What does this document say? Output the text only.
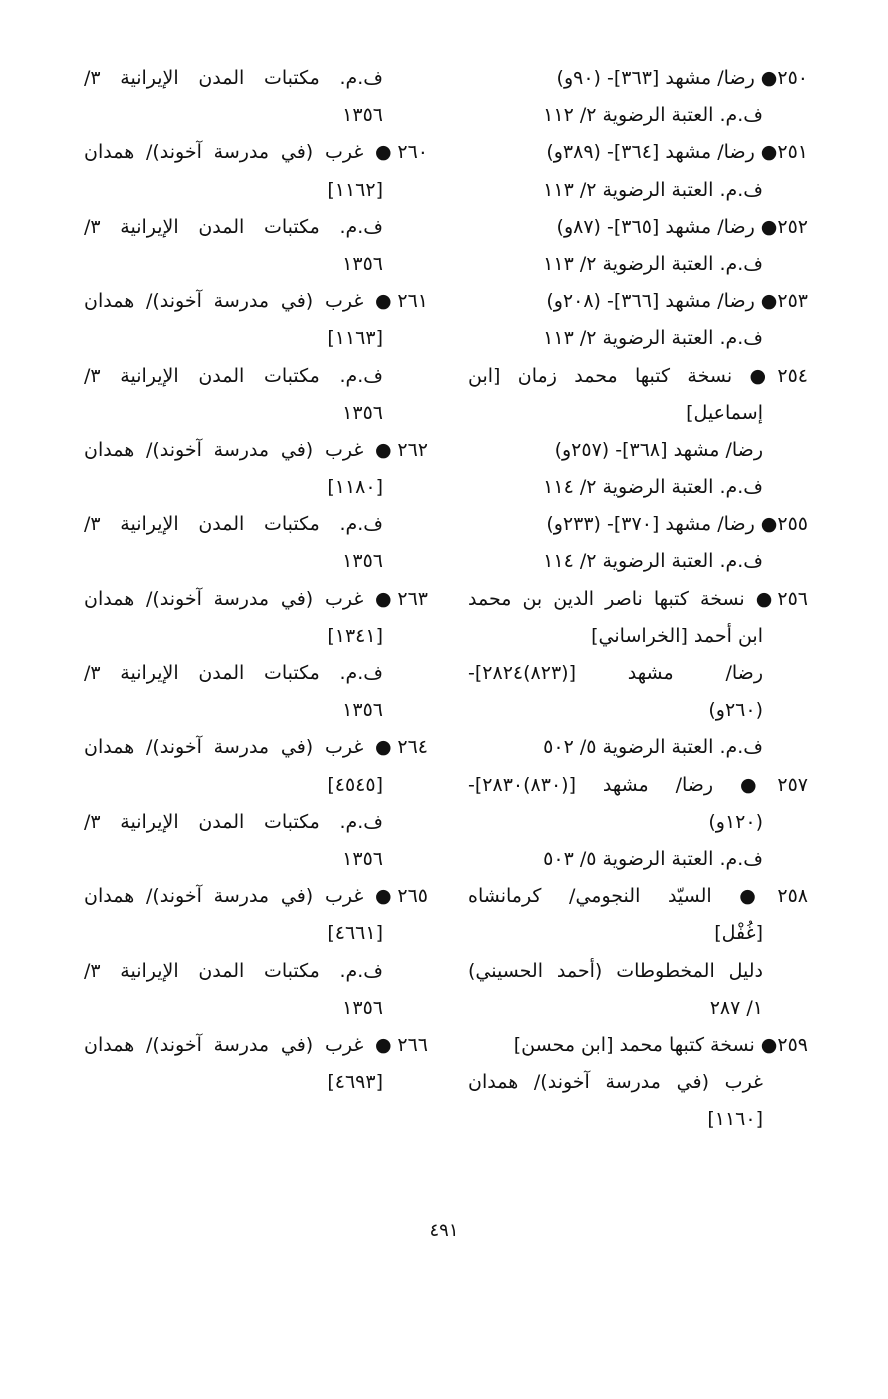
٢٥٠● رضا/ مشهد [٣٦٣]- (٩٠و)
ف.م. العتبة الرضوية ٢/ ١١٢
٢٥١● رضا/ مشهد [٣٦٤]- (٣٨٩و)
ف.م. العتبة الرضوية ٢/ ١١٣
٢٥٢● رضا/ مشهد [٣٦٥]- (٨٧و)
ف.م. العتبة الرضوية ٢/ ١١٣
٢٥٣● رضا/ مشهد [٣٦٦]- (٢٠٨و)
ف.م. العتبة الرضوية ٢/ ١١٣
٢٥٤● نسخة كتبها محمد زمان [ابن
إسماعيل]
رضا/ مشهد [٣٦٨]- (٢٥٧و)
ف.م. العتبة الرضوية ٢/ ١١٤
٢٥٥● رضا/ مشهد [٣٧٠]- (٢٣٣و)
ف.م. العتبة الرضوية ٢/ ١١٤
٢٥٦● نسخة كتبها ناصر الدين بن محمد
ابن أحمد [الخراساني]
رضا/ مشهد [(٨٢٣)٢٨٢٤]-
(٢٦٠و)
ف.م. العتبة الرضوية ٥/ ٥٠٢
٢٥٧● رضا/ مشهد [(٨٣٠)٢٨٣٠]-
(١٢٠و)
ف.م. العتبة الرضوية ٥/ ٥٠٣
٢٥٨● السيّد النجومي/ كرمانشاه
[غُفْل]
دليل المخطوطات (أحمد الحسيني)
١/ ٢٨٧
٢٥٩● نسخة كتبها محمد [ابن محسن]
غرب (في مدرسة آخوند)/ همدان
[١١٦٠]
ف.م. مكتبات المدن الإيرانية ٣/
١٣٥٦
٢٦٠● غرب (في مدرسة آخوند)/ همدان
[١١٦٢]
ف.م. مكتبات المدن الإيرانية ٣/
١٣٥٦
٢٦١● غرب (في مدرسة آخوند)/ همدان
[١١٦٣]
ف.م. مكتبات المدن الإيرانية ٣/
١٣٥٦
٢٦٢● غرب (في مدرسة آخوند)/ همدان
[١١٨٠]
ف.م. مكتبات المدن الإيرانية ٣/
١٣٥٦
٢٦٣● غرب (في مدرسة آخوند)/ همدان
[١٣٤١]
ف.م. مكتبات المدن الإيرانية ٣/
١٣٥٦
٢٦٤● غرب (في مدرسة آخوند)/ همدان
[٤٥٤٥]
ف.م. مكتبات المدن الإيرانية ٣/
١٣٥٦
٢٦٥● غرب (في مدرسة آخوند)/ همدان
[٤٦٦١]
ف.م. مكتبات المدن الإيرانية ٣/
١٣٥٦
٢٦٦● غرب (في مدرسة آخوند)/ همدان
[٤٦٩٣]
٤٩١
